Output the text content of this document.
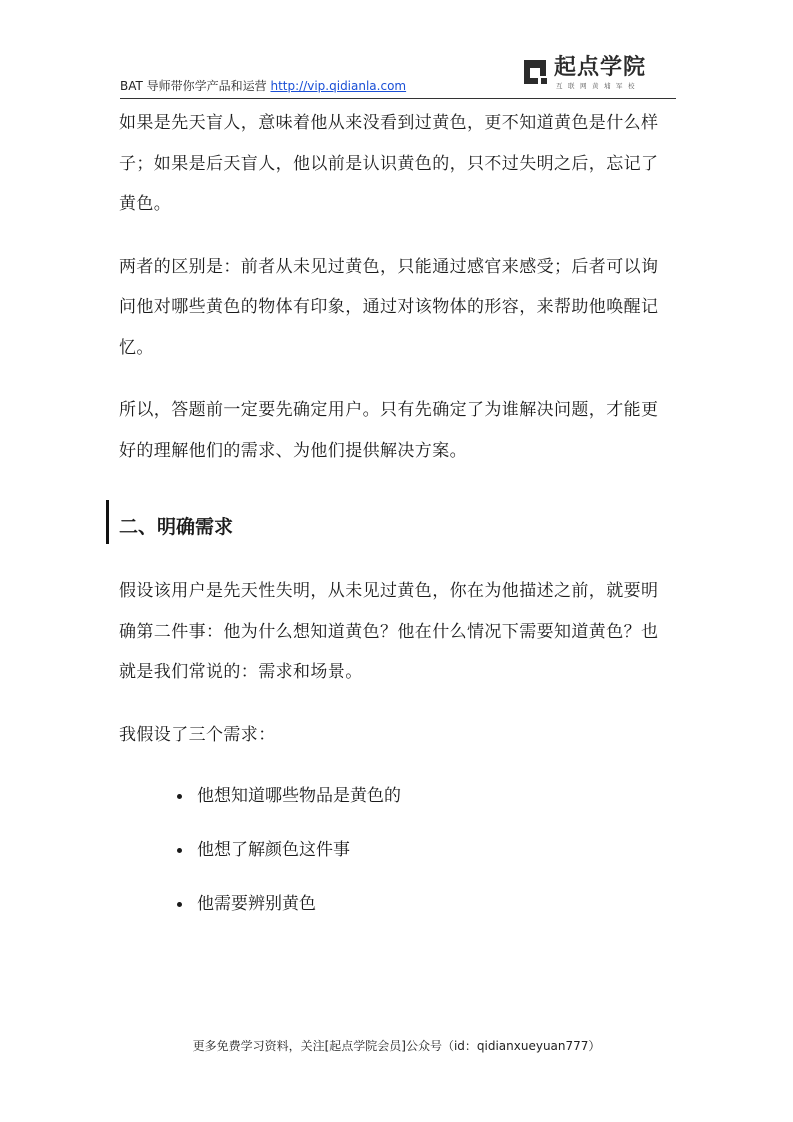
BAT 导师带你学产品和运营 http://vip.qidianla.com
起点学院
互联网黄埔军校

如果是先天盲人，意味着他从来没看到过黄色，更不知道黄色是什么样子；如果是后天盲人，他以前是认识黄色的，只不过失明之后，忘记了黄色。

两者的区别是：前者从未见过黄色，只能通过感官来感受；后者可以询问他对哪些黄色的物体有印象，通过对该物体的形容，来帮助他唤醒记忆。

所以，答题前一定要先确定用户。只有先确定了为谁解决问题，才能更好的理解他们的需求、为他们提供解决方案。

二、明确需求

假设该用户是先天性失明，从未见过黄色，你在为他描述之前，就要明确第二件事：他为什么想知道黄色？他在什么情况下需要知道黄色？也就是我们常说的：需求和场景。

我假设了三个需求：

他想知道哪些物品是黄色的
他想了解颜色这件事
他需要辨别黄色
更多免费学习资料，关注[起点学院会员]公众号（id：qidianxueyuan777）
